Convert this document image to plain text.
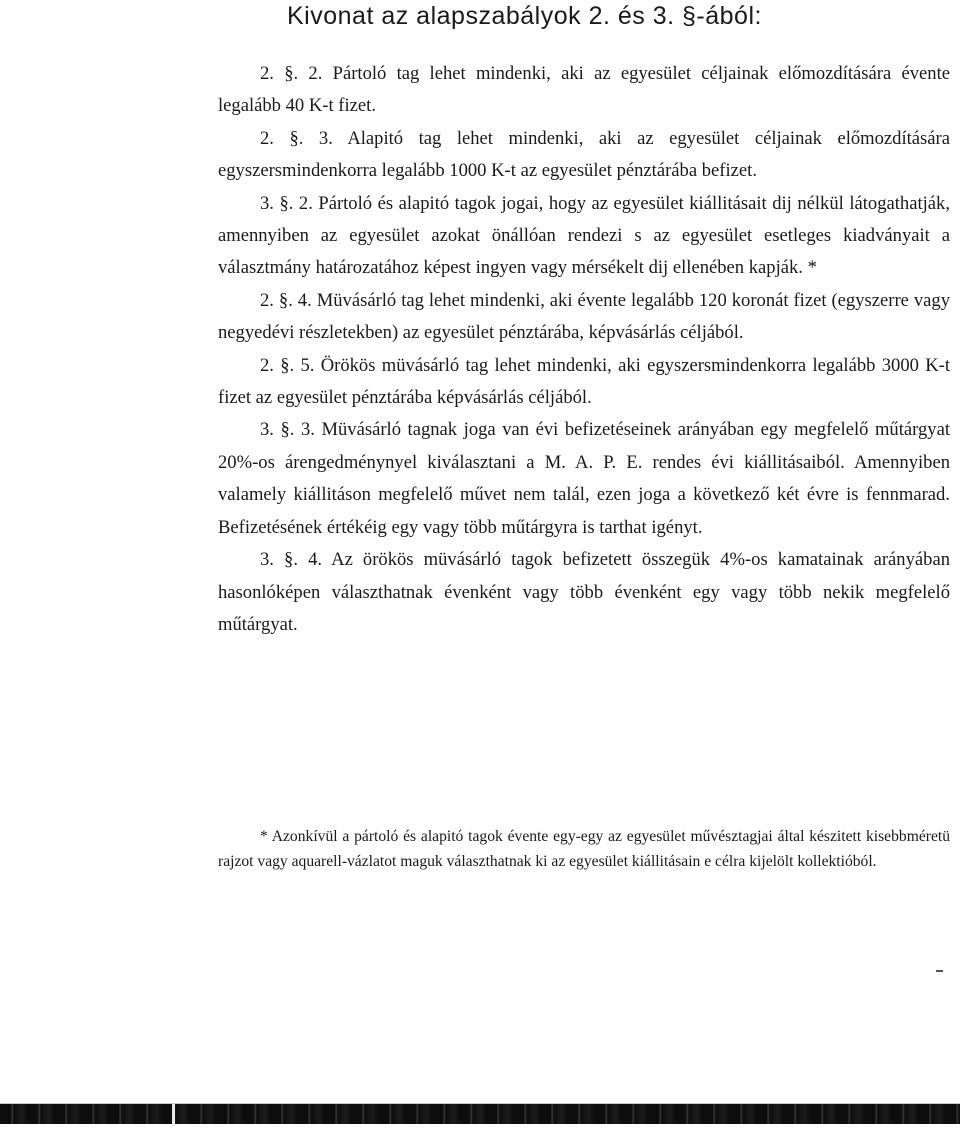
Kivonat az alapszabályok 2. és 3. §-ából:

2. §. 2. Pártoló tag lehet mindenki, aki az egyesület céljainak előmozdítására évente legalább 40 K-t fizet.

2. §. 3. Alapitó tag lehet mindenki, aki az egyesület céljainak előmozdítására egyszersmindenkorra legalább 1000 K-t az egyesület pénztárába befizet.

3. §. 2. Pártoló és alapitó tagok jogai, hogy az egyesület kiállitásait dij nélkül látogathatják, amennyiben az egyesület azokat önállóan rendezi s az egyesület esetleges kiadványait a választmány határozatához képest ingyen vagy mérsékelt dij ellenében kapják. *

2. §. 4. Müvásárló tag lehet mindenki, aki évente legalább 120 koronát fizet (egyszerre vagy negyedévi részletekben) az egyesület pénztárába, képvásárlás céljából.

2. §. 5. Örökös müvásárló tag lehet mindenki, aki egyszersmindenkorra legalább 3000 K-t fizet az egyesület pénztárába képvásárlás céljából.

3. §. 3. Müvásárló tagnak joga van évi befizetéseinek arányában egy megfelelő műtárgyat 20%-os árengedménynyel kiválasztani a M. A. P. E. rendes évi kiállitásaiból. Amennyiben valamely kiállitáson megfelelő művet nem talál, ezen joga a következő két évre is fennmarad. Befizetésének értékéig egy vagy több műtárgyra is tarthat igényt.

3. §. 4. Az örökös müvásárló tagok befizetett összegük 4%-os kamatainak arányában hasonlóképen választhatnak évenként vagy több évenként egy vagy több nekik megfelelő műtárgyat.

* Azonkívül a pártoló és alapitó tagok évente egy-egy az egyesület művésztagjai által készitett kisebbméretü rajzot vagy aquarell-vázlatot maguk választhatnak ki az egyesület kiállitásain e célra kijelölt kollektióból.
